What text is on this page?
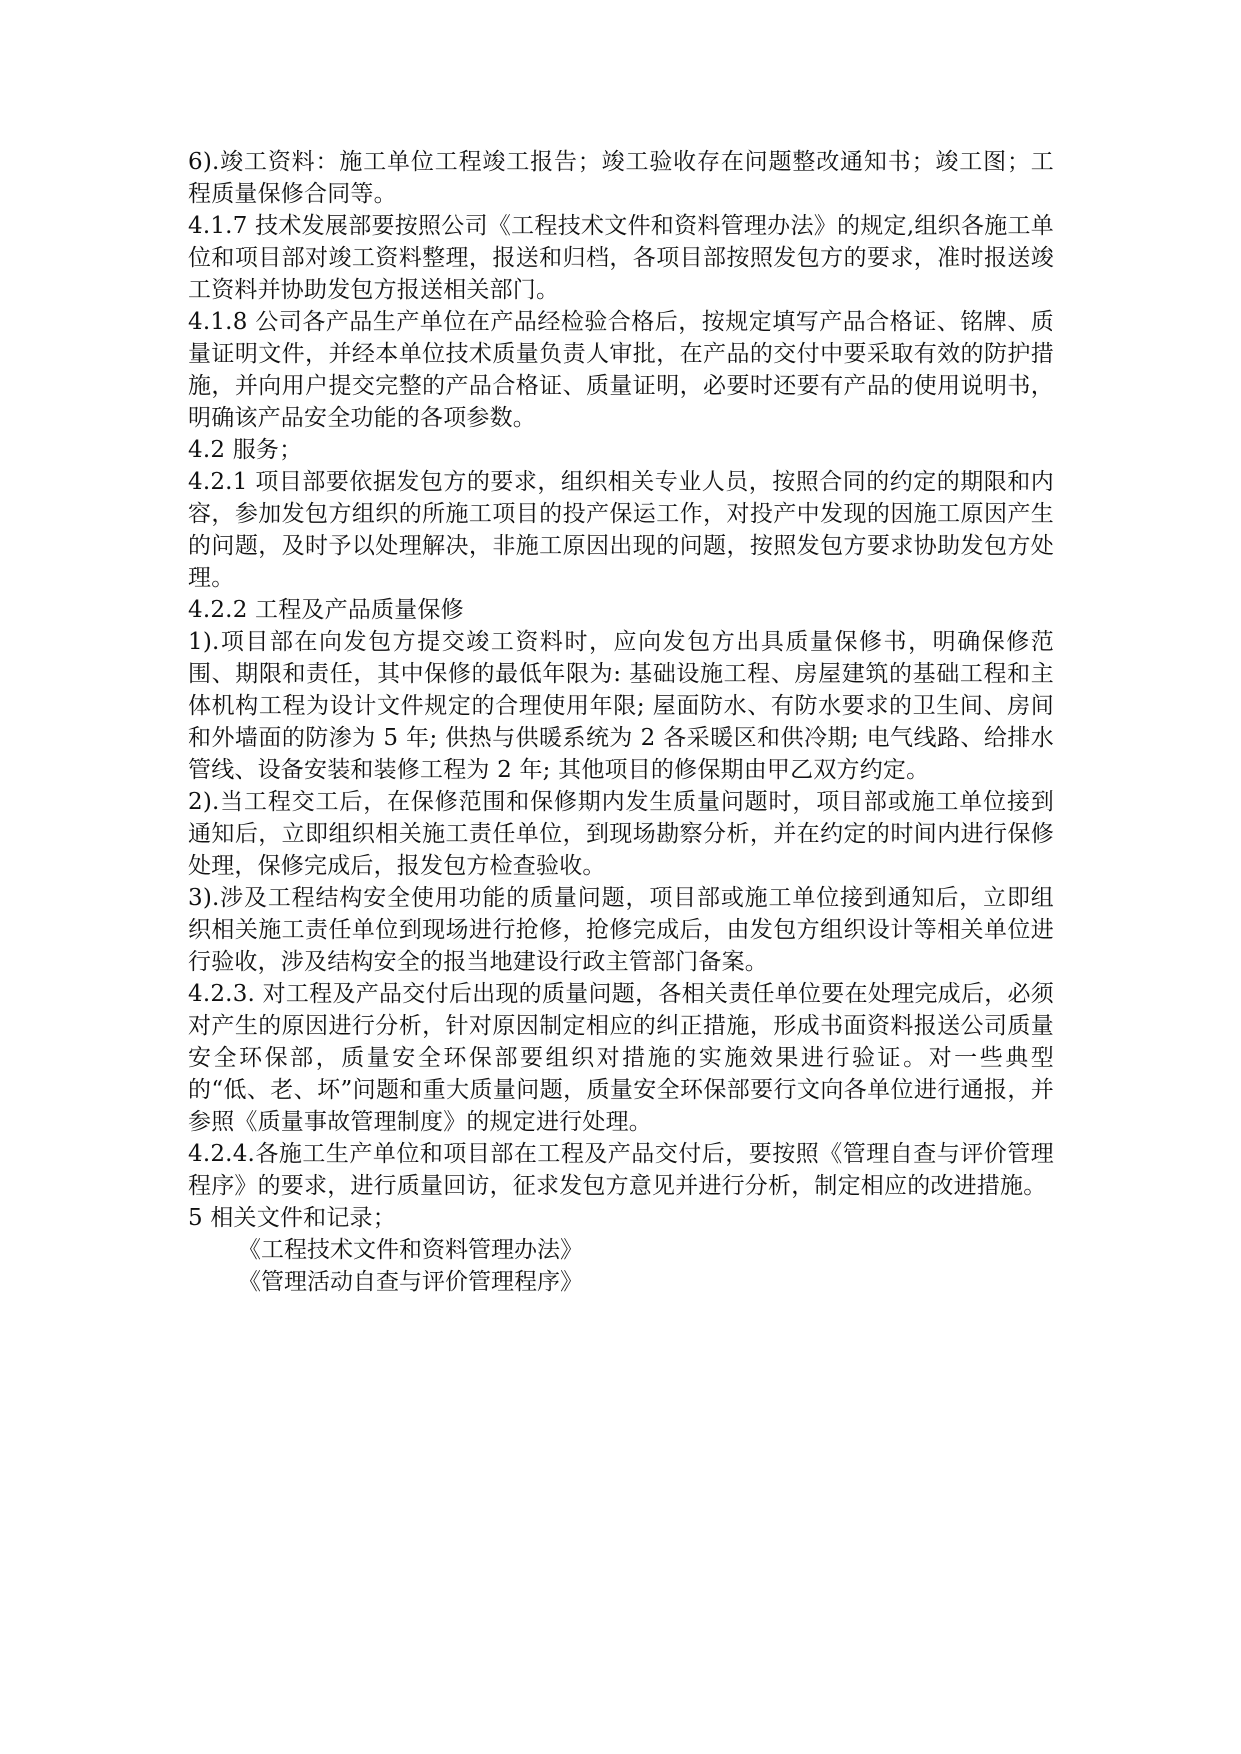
6).竣工资料：施工单位工程竣工报告；竣工验收存在问题整改通知书；竣工图；工程质量保修合同等。

4.1.7 技术发展部要按照公司《工程技术文件和资料管理办法》的规定,组织各施工单位和项目部对竣工资料整理，报送和归档，各项目部按照发包方的要求，准时报送竣工资料并协助发包方报送相关部门。

4.1.8 公司各产品生产单位在产品经检验合格后，按规定填写产品合格证、铭牌、质量证明文件，并经本单位技术质量负责人审批，在产品的交付中要采取有效的防护措施，并向用户提交完整的产品合格证、质量证明，必要时还要有产品的使用说明书，明确该产品安全功能的各项参数。

4.2 服务；

4.2.1 项目部要依据发包方的要求，组织相关专业人员，按照合同的约定的期限和内容，参加发包方组织的所施工项目的投产保运工作，对投产中发现的因施工原因产生的问题，及时予以处理解决，非施工原因出现的问题，按照发包方要求协助发包方处理。

4.2.2 工程及产品质量保修

1).项目部在向发包方提交竣工资料时，应向发包方出具质量保修书，明确保修范围、期限和责任，其中保修的最低年限为: 基础设施工程、房屋建筑的基础工程和主体机构工程为设计文件规定的合理使用年限; 屋面防水、有防水要求的卫生间、房间和外墙面的防渗为 5 年; 供热与供暖系统为 2 各采暖区和供冷期; 电气线路、给排水管线、设备安装和装修工程为 2 年; 其他项目的修保期由甲乙双方约定。

2).当工程交工后，在保修范围和保修期内发生质量问题时，项目部或施工单位接到通知后，立即组织相关施工责任单位，到现场勘察分析，并在约定的时间内进行保修处理，保修完成后，报发包方检查验收。

3).涉及工程结构安全使用功能的质量问题，项目部或施工单位接到通知后，立即组织相关施工责任单位到现场进行抢修，抢修完成后，由发包方组织设计等相关单位进行验收，涉及结构安全的报当地建设行政主管部门备案。

4.2.3. 对工程及产品交付后出现的质量问题，各相关责任单位要在处理完成后，必须对产生的原因进行分析，针对原因制定相应的纠正措施，形成书面资料报送公司质量安全环保部，质量安全环保部要组织对措施的实施效果进行验证。对一些典型的“低、老、坏”问题和重大质量问题，质量安全环保部要行文向各单位进行通报，并参照《质量事故管理制度》的规定进行处理。

4.2.4.各施工生产单位和项目部在工程及产品交付后，要按照《管理自查与评价管理程序》的要求，进行质量回访，征求发包方意见并进行分析，制定相应的改进措施。

5 相关文件和记录；

《工程技术文件和资料管理办法》

《管理活动自查与评价管理程序》
